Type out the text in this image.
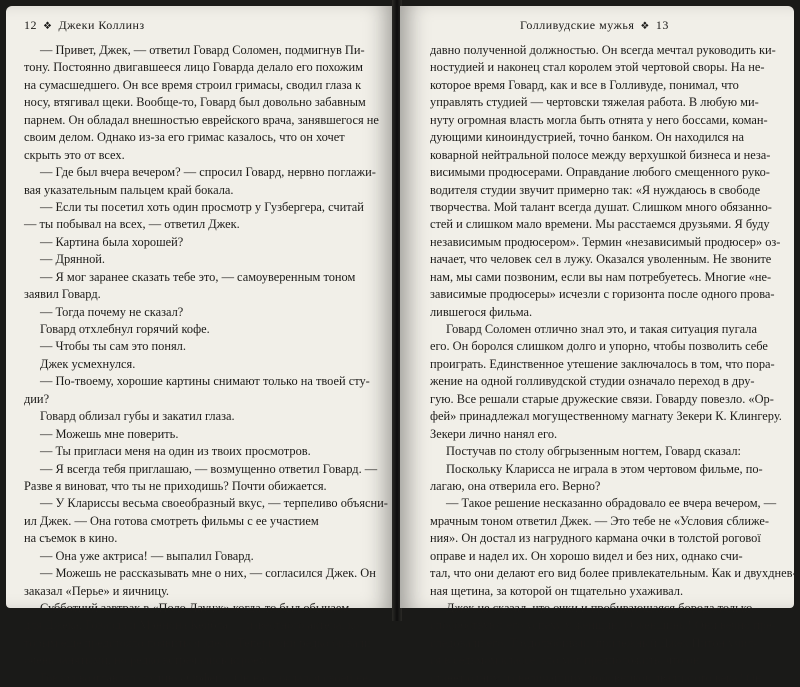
12 ❖ Джеки Коллинз
— Привет, Джек, — ответил Говард Соломен, подмигнув Пи-
тону. Постоянно двигавшееся лицо Говарда делало его похожим
на сумасшедшего. Он все время строил гримасы, сводил глаза к
носу, втягивал щеки. Вообще-то, Говард был довольно забавным
парнем. Он обладал внешностью еврейского врача, занявшегося не
своим делом. Однако из-за его гримас казалось, что он хочет
скрыть это от всех.
— Где был вчера вечером? — спросил Говард, нервно поглажи-
вая указательным пальцем край бокала.
— Если ты посетил хоть один просмотр у Гузбергера, считай
— ты побывал на всех, — ответил Джек.
— Картина была хорошей?
— Дрянной.
— Я мог заранее сказать тебе это, — самоуверенным тоном
заявил Говард.
— Тогда почему не сказал?
Говард отхлебнул горячий кофе.
— Чтобы ты сам это понял.
Джек усмехнулся.
— По-твоему, хорошие картины снимают только на твоей сту-
дии?
Говард облизал губы и закатил глаза.
— Можешь мне поверить.
— Ты пригласи меня на один из твоих просмотров.
— Я всегда тебя приглашаю, — возмущенно ответил Говард. —
Разве я виноват, что ты не приходишь? Почти обижается.
— У Клариссы весьма своеобразный вкус, — терпеливо объясни-
ил Джек. — Она готова смотреть фильмы с ее участием
на съемок в кино.
— Она уже актриса! — выпалил Говард.
— Можешь не рассказывать мне о них, — согласился Джек. Он
заказал «Перье» и яичницу.
Субботний завтрак в «Поло Лаунж» когда-то был обычаем
для Джека, Говарда и Мэннона Кейбла — известного актера, ко-
торым еще предстояло появиться здесь. Теперь они редко бывали
очень занятыми, но редко встречались втроем.
Говард возглавлял студию «Орфей». Он наслаждался своей не-
Голливудские мужья ❖ 13
давно полученной должностью. Он всегда мечтал руководить ки-
ностудией и наконец стал королем этой чертовой своры. На не-
которое время Говард, как и все в Голливуде, понимал, что
управлять студией — чертовски тяжелая работа. В любую ми-
нуту огромная власть могла быть отнята у него боссами, коман-
дующими киноиндустрией, точно банком. Он находился на
коварной нейтральной полосе между верхушкой бизнеса и неза-
висимыми продюсерами. Оправдание любого смещенного руко-
водителя студии звучит примерно так: «Я нуждаюсь в свободе
творчества. Мой талант всегда душат. Слишком много обязанно-
стей и слишком мало времени. Мы расстаемся друзьями. Я буду
независимым продюсером». Термин «независимый продюсер» оз-
начает, что человек сел в лужу. Оказался уволенным. Не звоните
нам, мы сами позвоним, если вы нам потребуетесь. Многие «не-
зависимые продюсеры» исчезли с горизонта после одного прова-
лившегося фильма.
Говард Соломен отлично знал это, и такая ситуация пугала
его. Он боролся слишком долго и упорно, чтобы позволить себе
проиграть. Единственное утешение заключалось в том, что пора-
жение на одной голливудской студии означало переход в дру-
гую. Все решали старые дружеские связи. Говарду повезло. «Ор-
фей» принадлежал могущественному магнату Зекери К. Клингеру.
Зекери лично нанял его.
Постучав по столу обгрызенным ногтем, Говард сказал:
Поскольку Кларисса не играла в этом чертовом фильме, по-
лагаю, она отверила его. Верно?
— Такое решение несказанно обрадовало ее вчера вечером, —
мрачным тоном ответил Джек. — Это тебе не «Условия сближе-
ния». Он достал из нагрудного кармана очки в толстой рогової
оправе и надел их. Он хорошо видел и без них, однако счи-
тал, что они делают его вид более привлекательным. Как и двухднев-
ная щетина, за которой он тщательно ухаживал.
Джек не сказал, что очки и пробивающаяся борода только
способствуют его успеху у женщин. О женщины! Они вечно пре-
следовали его. Трудолюбивый, прилежный Джек Питон учил-
ся в седьмом классе, кто мог предположить, что он
станет одним из величайших любовников двадцатого века? Он
